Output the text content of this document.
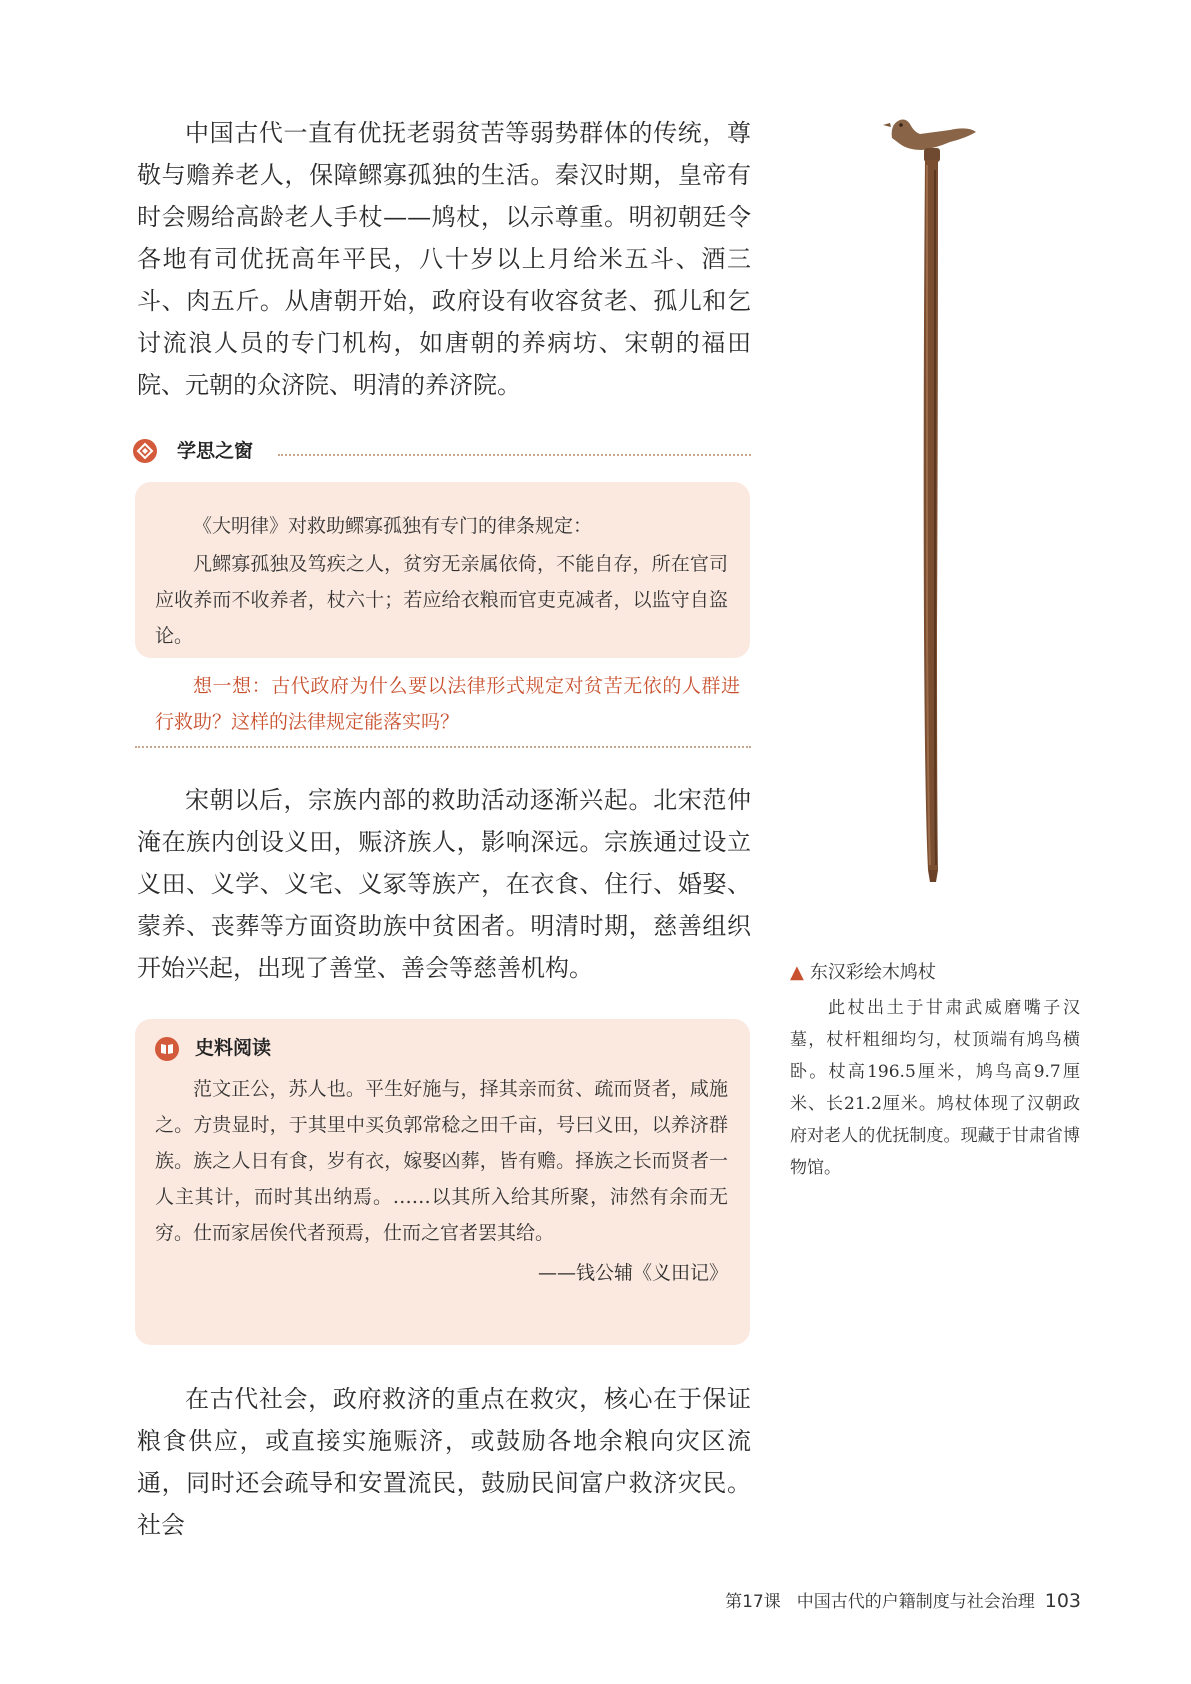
中国古代一直有优抚老弱贫苦等弱势群体的传统，尊敬与赡养老人，保障鳏寡孤独的生活。秦汉时期，皇帝有时会赐给高龄老人手杖——鸠杖，以示尊重。明初朝廷令各地有司优抚高年平民，八十岁以上月给米五斗、酒三斗、肉五斤。从唐朝开始，政府设有收容贫老、孤儿和乞讨流浪人员的专门机构，如唐朝的养病坊、宋朝的福田院、元朝的众济院、明清的养济院。

学思之窗

《大明律》对救助鳏寡孤独有专门的律条规定：

凡鳏寡孤独及笃疾之人，贫穷无亲属依倚，不能自存，所在官司应收养而不收养者，杖六十；若应给衣粮而官吏克减者，以监守自盗论。

想一想：古代政府为什么要以法律形式规定对贫苦无依的人群进行救助？这样的法律规定能落实吗？

宋朝以后，宗族内部的救助活动逐渐兴起。北宋范仲淹在族内创设义田，赈济族人，影响深远。宗族通过设立义田、义学、义宅、义冢等族产，在衣食、住行、婚娶、蒙养、丧葬等方面资助族中贫困者。明清时期，慈善组织开始兴起，出现了善堂、善会等慈善机构。

史料阅读

范文正公，苏人也。平生好施与，择其亲而贫、疏而贤者，咸施之。方贵显时，于其里中买负郭常稔之田千亩，号曰义田，以养济群族。族之人日有食，岁有衣，嫁娶凶葬，皆有赡。择族之长而贤者一人主其计，而时其出纳焉。……以其所入给其所聚，沛然有余而无穷。仕而家居俟代者预焉，仕而之官者罢其给。

——钱公辅《义田记》

在古代社会，政府救济的重点在救灾，核心在于保证粮食供应，或直接实施赈济，或鼓励各地余粮向灾区流通，同时还会疏导和安置流民，鼓励民间富户救济灾民。社会

▲ 东汉彩绘木鸠杖

此杖出土于甘肃武威磨嘴子汉墓，杖杆粗细均匀，杖顶端有鸠鸟横卧。杖高196.5厘米，鸠鸟高9.7厘米、长21.2厘米。鸠杖体现了汉朝政府对老人的优抚制度。现藏于甘肃省博物馆。

第17课 中国古代的户籍制度与社会治理 103
